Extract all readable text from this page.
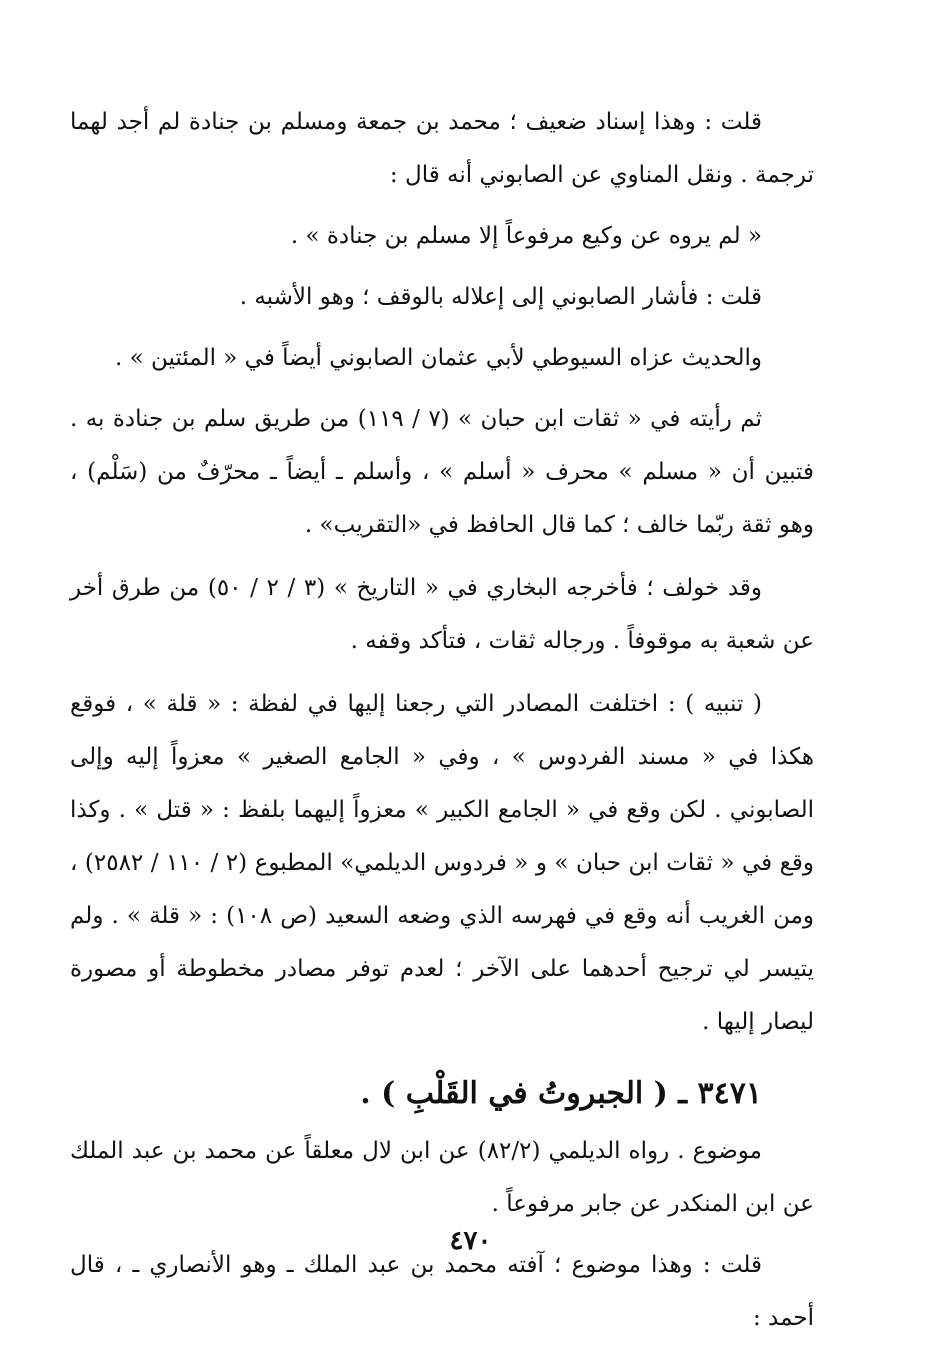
قلت : وهذا إسناد ضعيف ؛ محمد بن جمعة ومسلم بن جنادة لم أجد لهما ترجمة . ونقل المناوي عن الصابوني أنه قال :

« لم يروه عن وكيع مرفوعاً إلا مسلم بن جنادة » .

قلت : فأشار الصابوني إلى إعلاله بالوقف ؛ وهو الأشبه .

والحديث عزاه السيوطي لأبي عثمان الصابوني أيضاً في « المئتين » .

ثم رأيته في « ثقات ابن حبان » (٧ / ١١٩) من طريق سلم بن جنادة به . فتبين أن « مسلم » محرف « أسلم » ، وأسلم ـ أيضاً ـ محرّفٌ من (سَلْم) ، وهو ثقة ربّما خالف ؛ كما قال الحافظ في «التقريب» .

وقد خولف ؛ فأخرجه البخاري في « التاريخ » (٣ / ٢ / ٥٠) من طرق أخر عن شعبة به موقوفاً . ورجاله ثقات ، فتأكد وقفه .

( تنبيه ) : اختلفت المصادر التي رجعنا إليها في لفظة : « قلة » ، فوقع هكذا في « مسند الفردوس » ، وفي « الجامع الصغير » معزواً إليه وإلى الصابوني . لكن وقع في « الجامع الكبير » معزواً إليهما بلفظ : « قتل » . وكذا وقع في « ثقات ابن حبان » و « فردوس الديلمي» المطبوع (٢ / ١١٠ / ٢٥٨٢) ، ومن الغريب أنه وقع في فهرسه الذي وضعه السعيد (ص ١٠٨) : « قلة » . ولم يتيسر لي ترجيح أحدهما على الآخر ؛ لعدم توفر مصادر مخطوطة أو مصورة ليصار إليها .

٣٤٧١ ـ ( الجبروتُ في القَلْبِ ) .

موضوع . رواه الديلمي (٨٢/٢) عن ابن لال معلقاً عن محمد بن عبد الملك عن ابن المنكدر عن جابر مرفوعاً .

قلت : وهذا موضوع ؛ آفته محمد بن عبد الملك ـ وهو الأنصاري ـ ، قال أحمد :

٤٧٠
